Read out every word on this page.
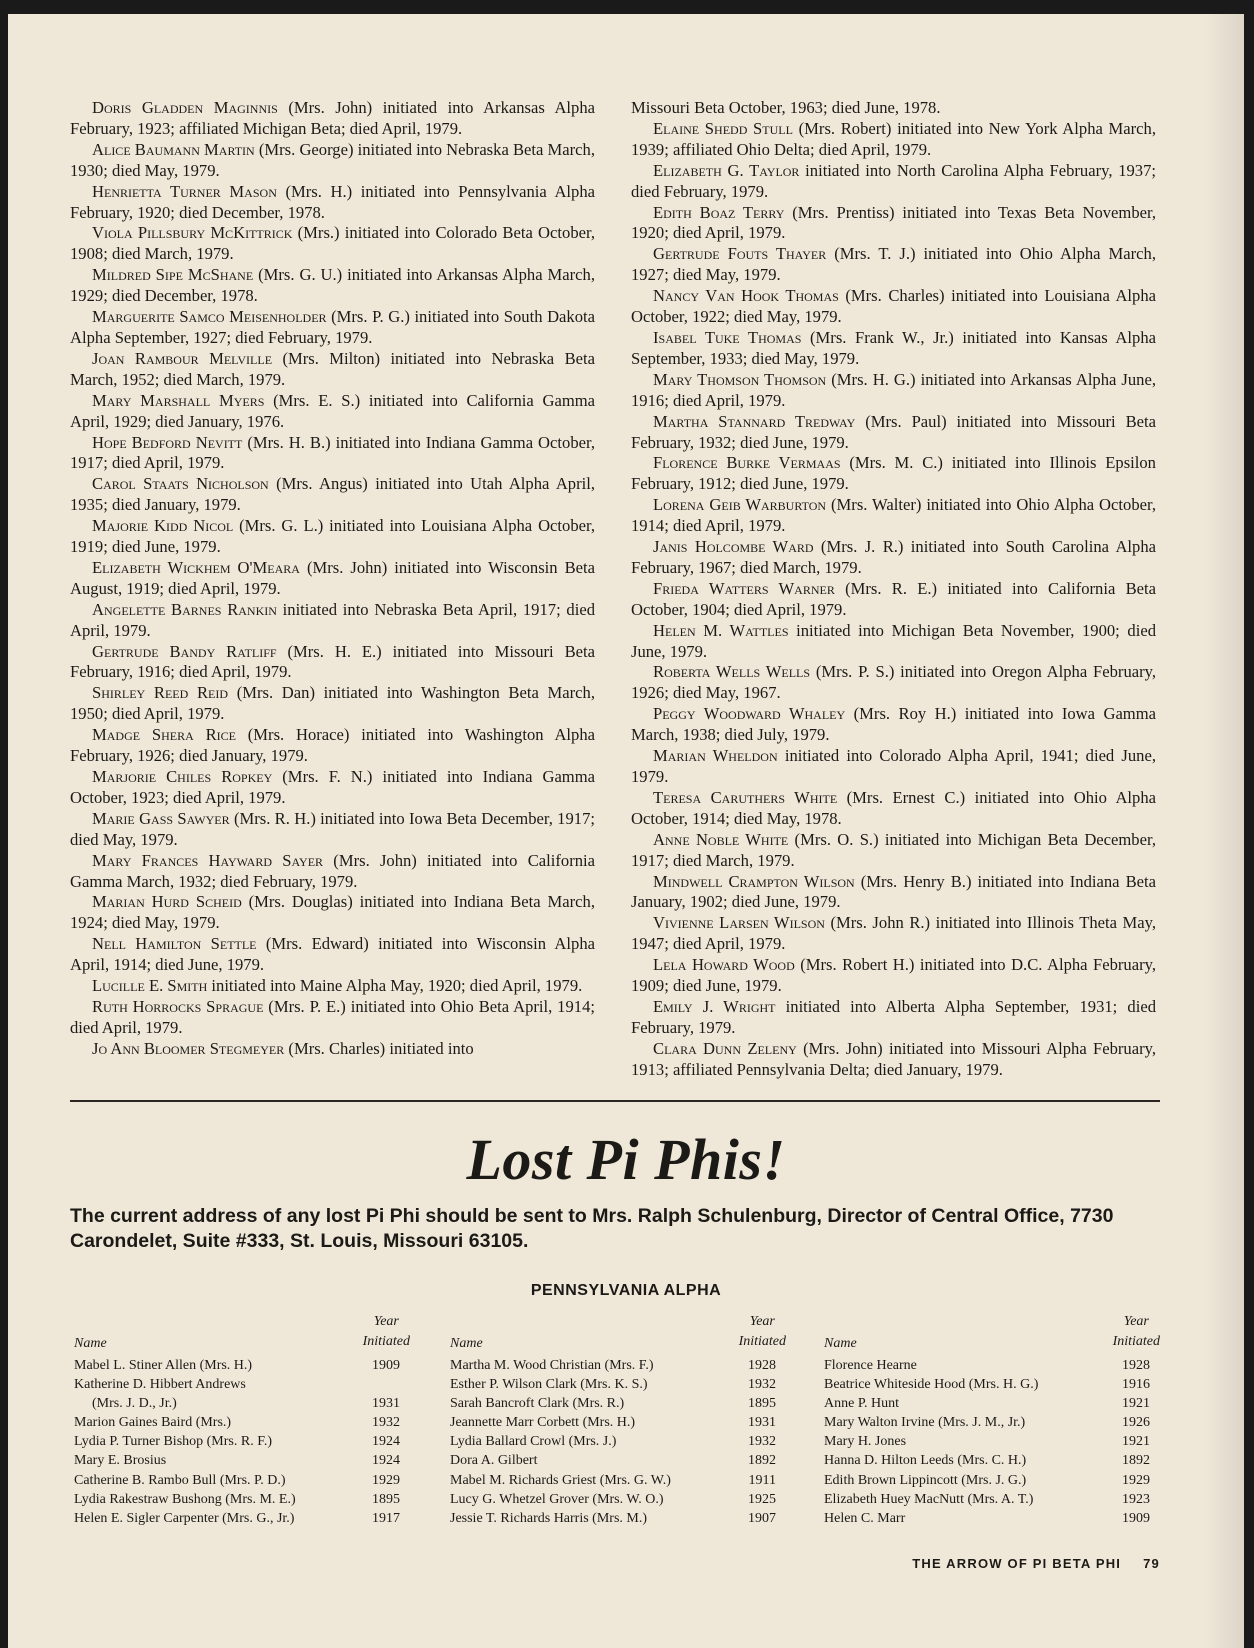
Doris Gladden Maginnis (Mrs. John) initiated into Arkansas Alpha February, 1923; affiliated Michigan Beta; died April, 1979.

Alice Baumann Martin (Mrs. George) initiated into Nebraska Beta March, 1930; died May, 1979.

Henrietta Turner Mason (Mrs. H.) initiated into Pennsylvania Alpha February, 1920; died December, 1978.

Viola Pillsbury McKittrick (Mrs.) initiated into Colorado Beta October, 1908; died March, 1979.

Mildred Sipe McShane (Mrs. G. U.) initiated into Arkansas Alpha March, 1929; died December, 1978.

Marguerite Samco Meisenholder (Mrs. P. G.) initiated into South Dakota Alpha September, 1927; died February, 1979.

Joan Rambour Melville (Mrs. Milton) initiated into Nebraska Beta March, 1952; died March, 1979.

Mary Marshall Myers (Mrs. E. S.) initiated into California Gamma April, 1929; died January, 1976.

Hope Bedford Nevitt (Mrs. H. B.) initiated into Indiana Gamma October, 1917; died April, 1979.

Carol Staats Nicholson (Mrs. Angus) initiated into Utah Alpha April, 1935; died January, 1979.

Majorie Kidd Nicol (Mrs. G. L.) initiated into Louisiana Alpha October, 1919; died June, 1979.

Elizabeth Wickhem O'Meara (Mrs. John) initiated into Wisconsin Beta August, 1919; died April, 1979.

Angelette Barnes Rankin initiated into Nebraska Beta April, 1917; died April, 1979.

Gertrude Bandy Ratliff (Mrs. H. E.) initiated into Missouri Beta February, 1916; died April, 1979.

Shirley Reed Reid (Mrs. Dan) initiated into Washington Beta March, 1950; died April, 1979.

Madge Shera Rice (Mrs. Horace) initiated into Washington Alpha February, 1926; died January, 1979.

Marjorie Chiles Ropkey (Mrs. F. N.) initiated into Indiana Gamma October, 1923; died April, 1979.

Marie Gass Sawyer (Mrs. R. H.) initiated into Iowa Beta December, 1917; died May, 1979.

Mary Frances Hayward Sayer (Mrs. John) initiated into California Gamma March, 1932; died February, 1979.

Marian Hurd Scheid (Mrs. Douglas) initiated into Indiana Beta March, 1924; died May, 1979.

Nell Hamilton Settle (Mrs. Edward) initiated into Wisconsin Alpha April, 1914; died June, 1979.

Lucille E. Smith initiated into Maine Alpha May, 1920; died April, 1979.

Ruth Horrocks Sprague (Mrs. P. E.) initiated into Ohio Beta April, 1914; died April, 1979.

Jo Ann Bloomer Stegmeyer (Mrs. Charles) initiated into

Missouri Beta October, 1963; died June, 1978.

Elaine Shedd Stull (Mrs. Robert) initiated into New York Alpha March, 1939; affiliated Ohio Delta; died April, 1979.

Elizabeth G. Taylor initiated into North Carolina Alpha February, 1937; died February, 1979.

Edith Boaz Terry (Mrs. Prentiss) initiated into Texas Beta November, 1920; died April, 1979.

Gertrude Fouts Thayer (Mrs. T. J.) initiated into Ohio Alpha March, 1927; died May, 1979.

Nancy Van Hook Thomas (Mrs. Charles) initiated into Louisiana Alpha October, 1922; died May, 1979.

Isabel Tuke Thomas (Mrs. Frank W., Jr.) initiated into Kansas Alpha September, 1933; died May, 1979.

Mary Thomson Thomson (Mrs. H. G.) initiated into Arkansas Alpha June, 1916; died April, 1979.

Martha Stannard Tredway (Mrs. Paul) initiated into Missouri Beta February, 1932; died June, 1979.

Florence Burke Vermaas (Mrs. M. C.) initiated into Illinois Epsilon February, 1912; died June, 1979.

Lorena Geib Warburton (Mrs. Walter) initiated into Ohio Alpha October, 1914; died April, 1979.

Janis Holcombe Ward (Mrs. J. R.) initiated into South Carolina Alpha February, 1967; died March, 1979.

Frieda Watters Warner (Mrs. R. E.) initiated into California Beta October, 1904; died April, 1979.

Helen M. Wattles initiated into Michigan Beta November, 1900; died June, 1979.

Roberta Wells Wells (Mrs. P. S.) initiated into Oregon Alpha February, 1926; died May, 1967.

Peggy Woodward Whaley (Mrs. Roy H.) initiated into Iowa Gamma March, 1938; died July, 1979.

Marian Wheldon initiated into Colorado Alpha April, 1941; died June, 1979.

Teresa Caruthers White (Mrs. Ernest C.) initiated into Ohio Alpha October, 1914; died May, 1978.

Anne Noble White (Mrs. O. S.) initiated into Michigan Beta December, 1917; died March, 1979.

Mindwell Crampton Wilson (Mrs. Henry B.) initiated into Indiana Beta January, 1902; died June, 1979.

Vivienne Larsen Wilson (Mrs. John R.) initiated into Illinois Theta May, 1947; died April, 1979.

Lela Howard Wood (Mrs. Robert H.) initiated into D.C. Alpha February, 1909; died June, 1979.

Emily J. Wright initiated into Alberta Alpha September, 1931; died February, 1979.

Clara Dunn Zeleny (Mrs. John) initiated into Missouri Alpha February, 1913; affiliated Pennsylvania Delta; died January, 1979.

Lost Pi Phis!

The current address of any lost Pi Phi should be sent to Mrs. Ralph Schulenburg, Director of Central Office, 7730 Carondelet, Suite #333, St. Louis, Missouri 63105.

PENNSYLVANIA ALPHA
Name
Year
Initiated
Mabel L. Stiner Allen (Mrs. H.)	1909
Katherine D. Hibbert Andrews
(Mrs. J. D., Jr.)	1931
Marion Gaines Baird (Mrs.)	1932
Lydia P. Turner Bishop (Mrs. R. F.)	1924
Mary E. Brosius	1924
Catherine B. Rambo Bull (Mrs. P. D.)	1929
Lydia Rakestraw Bushong (Mrs. M. E.)	1895
Helen E. Sigler Carpenter (Mrs. G., Jr.)	1917
Name
Year
Initiated
Martha M. Wood Christian (Mrs. F.)	1928
Esther P. Wilson Clark (Mrs. K. S.)	1932
Sarah Bancroft Clark (Mrs. R.)	1895
Jeannette Marr Corbett (Mrs. H.)	1931
Lydia Ballard Crowl (Mrs. J.)	1932
Dora A. Gilbert	1892
Mabel M. Richards Griest (Mrs. G. W.)	1911
Lucy G. Whetzel Grover (Mrs. W. O.)	1925
Jessie T. Richards Harris (Mrs. M.)	1907
Name
Year
Initiated
Florence Hearne	1928
Beatrice Whiteside Hood (Mrs. H. G.)	1916
Anne P. Hunt	1921
Mary Walton Irvine (Mrs. J. M., Jr.)	1926
Mary H. Jones	1921
Hanna D. Hilton Leeds (Mrs. C. H.)	1892
Edith Brown Lippincott (Mrs. J. G.)	1929
Elizabeth Huey MacNutt (Mrs. A. T.)	1923
Helen C. Marr	1909
THE ARROW OF PI BETA PHI 79
